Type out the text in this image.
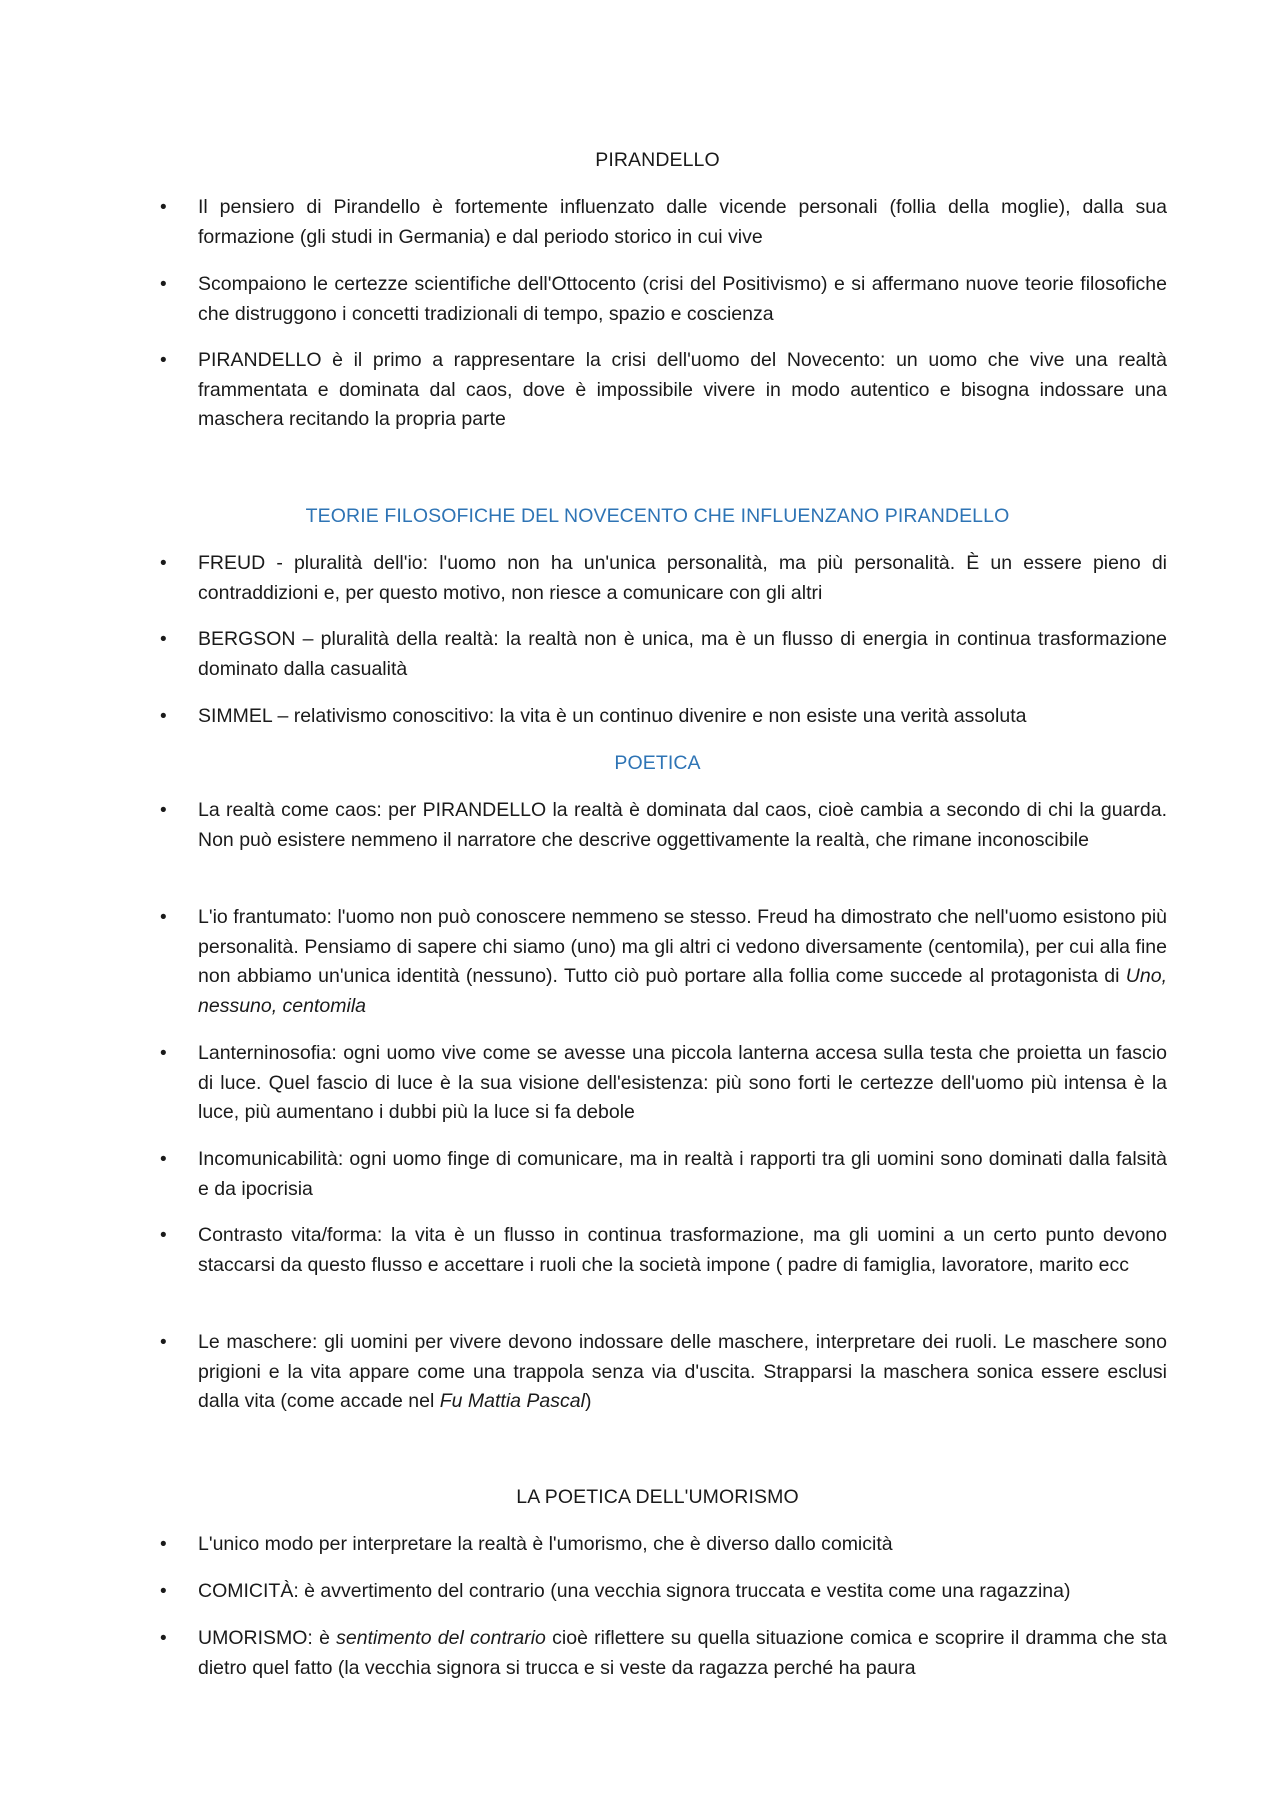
PIRANDELLO
• Il pensiero di Pirandello è fortemente influenzato dalle vicende personali (follia della moglie), dalla sua formazione (gli studi in Germania) e dal periodo storico in cui vive
• Scompaiono le certezze scientifiche dell'Ottocento (crisi del Positivismo) e si affermano nuove teorie filosofiche che distruggono i concetti tradizionali di tempo, spazio e coscienza
• PIRANDELLO è il primo a rappresentare la crisi dell'uomo del Novecento: un uomo che vive una realtà frammentata e dominata dal caos, dove è impossibile vivere in modo autentico e bisogna indossare una maschera recitando la propria parte
TEORIE FILOSOFICHE DEL NOVECENTO CHE INFLUENZANO PIRANDELLO
• FREUD - pluralità dell'io: l'uomo non ha un'unica personalità, ma più personalità. È un essere pieno di contraddizioni e, per questo motivo, non riesce a comunicare con gli altri
• BERGSON – pluralità della realtà: la realtà non è unica, ma è un flusso di energia in continua trasformazione dominato dalla casualità
• SIMMEL – relativismo conoscitivo: la vita è un continuo divenire e non esiste una verità assoluta
POETICA
• La realtà come caos: per PIRANDELLO la realtà è dominata dal caos, cioè cambia a secondo di chi la guarda. Non può esistere nemmeno il narratore che descrive oggettivamente la realtà, che rimane inconoscibile
• L'io frantumato: l'uomo non può conoscere nemmeno se stesso. Freud ha dimostrato che nell'uomo esistono più personalità. Pensiamo di sapere chi siamo (uno) ma gli altri ci vedono diversamente (centomila), per cui alla fine non abbiamo un'unica identità (nessuno). Tutto ciò può portare alla follia come succede al protagonista di Uno, nessuno, centomila
• Lanterninosofia: ogni uomo vive come se avesse una piccola lanterna accesa sulla testa che proietta un fascio di luce. Quel fascio di luce è la sua visione dell'esistenza: più sono forti le certezze dell'uomo più intensa è la luce, più aumentano i dubbi più la luce si fa debole
• Incomunicabilità: ogni uomo finge di comunicare, ma in realtà i rapporti tra gli uomini sono dominati dalla falsità e da ipocrisia
• Contrasto vita/forma: la vita è un flusso in continua trasformazione, ma gli uomini a un certo punto devono staccarsi da questo flusso e accettare i ruoli che la società impone ( padre di famiglia, lavoratore, marito ecc
• Le maschere: gli uomini per vivere devono indossare delle maschere, interpretare dei ruoli. Le maschere sono prigioni e la vita appare come una trappola senza via d'uscita. Strapparsi la maschera sonica essere esclusi dalla vita (come accade nel Fu Mattia Pascal)
LA POETICA DELL'UMORISMO
• L'unico modo per interpretare la realtà è l'umorismo, che è diverso dallo comicità
• COMICITÀ: è avvertimento del contrario (una vecchia signora truccata e vestita come una ragazzina)
• UMORISMO: è sentimento del contrario cioè riflettere su quella situazione comica e scoprire il dramma che sta dietro quel fatto (la vecchia signora si trucca e si veste da ragazza perché ha paura
